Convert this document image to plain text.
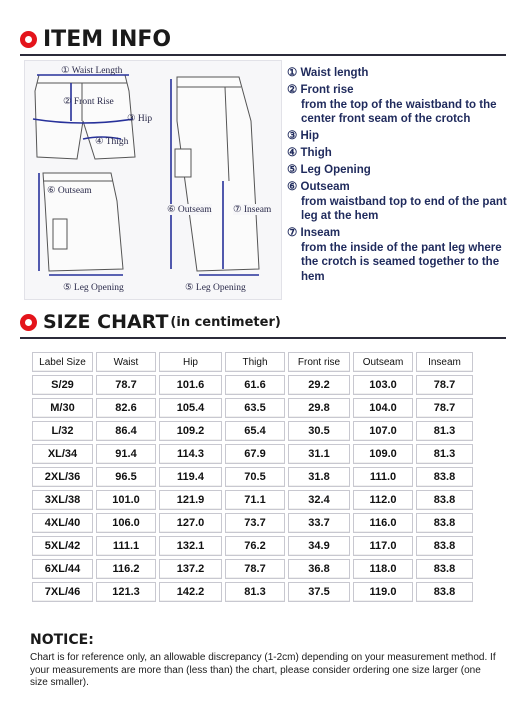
ITEM INFO
① Waist Length
② Front Rise
③ Hip
④ Thigh
⑥ Outseam
⑤ Leg Opening
⑥ Outseam ⑦ Inseam
⑤ Leg Opening
① Waist length
② Front rise
from the top of the waistband to the center front seam of the crotch
③ Hip
④ Thigh
⑤ Leg Opening
⑥ Outseam
from waistband top to end of the pant leg at the hem
⑦ Inseam
from the inside of the pant leg where the crotch is seamed together to the hem
SIZE CHART (in centimeter)
Label Size	Waist	Hip	Thigh	Front rise	Outseam	Inseam
S/29	78.7	101.6	61.6	29.2	103.0	78.7
M/30	82.6	105.4	63.5	29.8	104.0	78.7
L/32	86.4	109.2	65.4	30.5	107.0	81.3
XL/34	91.4	114.3	67.9	31.1	109.0	81.3
2XL/36	96.5	119.4	70.5	31.8	111.0	83.8
3XL/38	101.0	121.9	71.1	32.4	112.0	83.8
4XL/40	106.0	127.0	73.7	33.7	116.0	83.8
5XL/42	111.1	132.1	76.2	34.9	117.0	83.8
6XL/44	116.2	137.2	78.7	36.8	118.0	83.8
7XL/46	121.3	142.2	81.3	37.5	119.0	83.8
NOTICE:
Chart is for reference only, an allowable discrepancy (1-2cm) depending on your measurement method. If your measurements are more than (less than) the chart, please consider ordering one size larger (one size smaller).
